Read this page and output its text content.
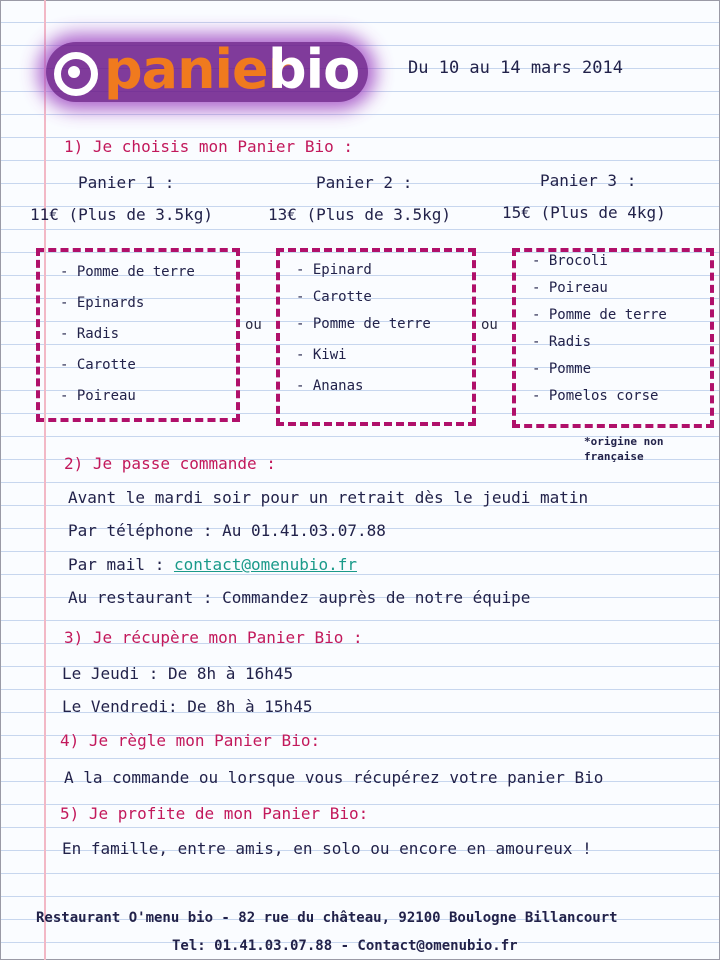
panier
bio	Du 10 au 14 mars 2014
1) Je choisis mon Panier Bio :
Panier 1 :	Panier 2 :	Panier 3 :
11€ (Plus de 3.5kg)	13€ (Plus de 3.5kg)	15€ (Plus de 4kg)
- Pomme de terre
- Epinards
- Radis
- Carotte
- Poireau
ou
- Epinard
- Carotte
- Pomme de terre
- Kiwi
- Ananas
ou
- Brocoli
- Poireau
- Pomme de terre
- Radis
- Pomme
- Pomelos corse
*origine non française
2) Je passe commande :
Avant le mardi soir pour un retrait dès le jeudi matin
Par téléphone : Au 01.41.03.07.88
Par mail : contact@omenubio.fr
Au restaurant : Commandez auprès de notre équipe
3) Je récupère mon Panier Bio :
Le Jeudi : De 8h à 16h45
Le Vendredi: De 8h à 15h45
4) Je règle mon Panier Bio:
A la commande ou lorsque vous récupérez votre panier Bio
5) Je profite de mon Panier Bio:
En famille, entre amis, en solo ou encore en amoureux !
Restaurant O'menu bio - 82 rue du château, 92100 Boulogne Billancourt
Tel: 01.41.03.07.88 - Contact@omenubio.fr
